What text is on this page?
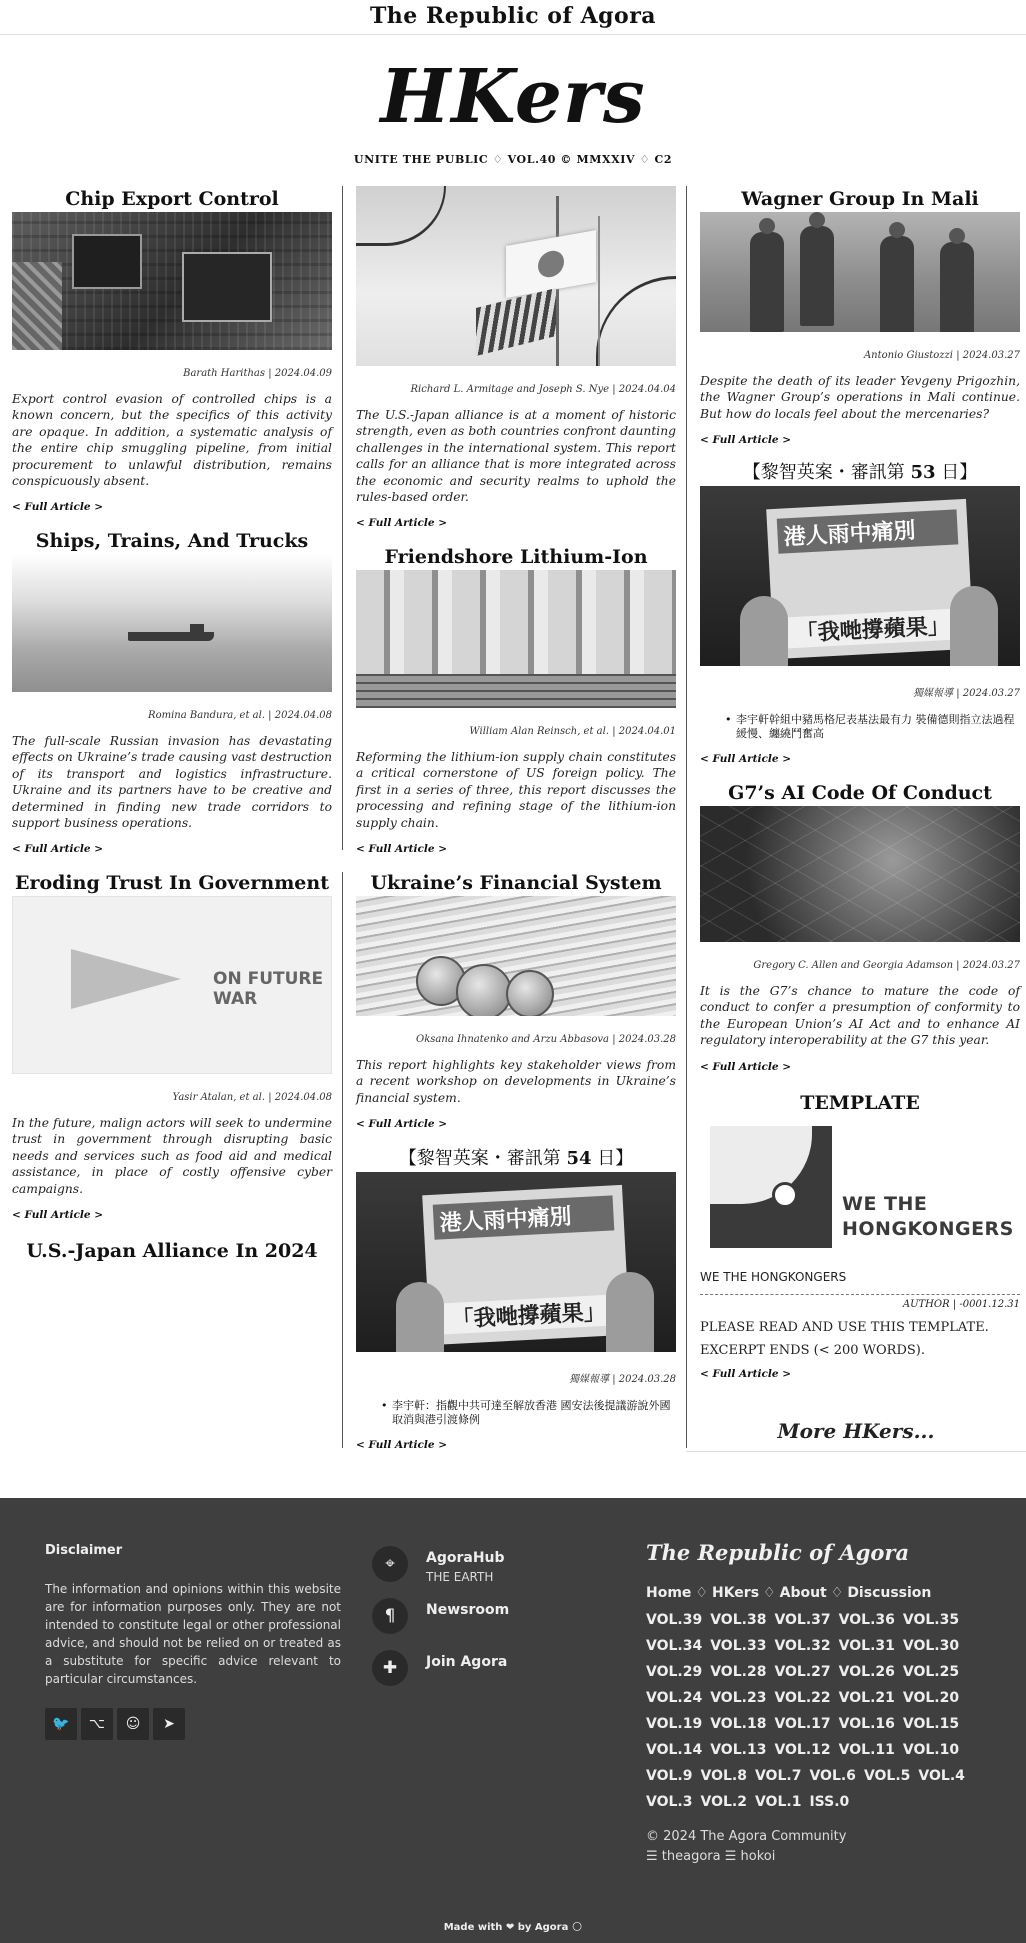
The Republic of Agora
HKers
UNITE THE PUBLIC ♢ VOL.40 © MMXXIV ♢ C2
Chip Export Control
Barath Harithas | 2024.04.09

Export control evasion of controlled chips is a known concern, but the specifics of this activity are opaque. In addition, a systematic analysis of the entire chip smuggling pipeline, from initial procurement to unlawful distribution, remains conspicuously absent.

< Full Article >
Ships, Trains, And Trucks
Romina Bandura, et al. | 2024.04.08

The full-scale Russian invasion has devastating effects on Ukraine’s trade causing vast destruction of its transport and logistics infrastructure. Ukraine and its partners have to be creative and determined in finding new trade corridors to support business operations.

< Full Article >
Eroding Trust In Government
ON FUTURE
WAR
Yasir Atalan, et al. | 2024.04.08

In the future, malign actors will seek to undermine trust in government through disrupting basic needs and services such as food aid and medical assistance, in place of costly offensive cyber campaigns.

< Full Article >
U.S.-Japan Alliance In 2024
Richard L. Armitage and Joseph S. Nye | 2024.04.04

The U.S.-Japan alliance is at a moment of historic strength, even as both countries confront daunting challenges in the international system. This report calls for an alliance that is more integrated across the economic and security realms to uphold the rules-based order.

< Full Article >
Friendshore Lithium-Ion
William Alan Reinsch, et al. | 2024.04.01

Reforming the lithium-ion supply chain constitutes a critical cornerstone of US foreign policy. The first in a series of three, this report discusses the processing and refining stage of the lithium-ion supply chain.

< Full Article >
Ukraine’s Financial System
Oksana Ihnatenko and Arzu Abbasova | 2024.03.28

This report highlights key stakeholder views from a recent workshop on developments in Ukraine’s financial system.

< Full Article >
【黎智英案・審訊第 54 日】
港人雨中痛別
「我哋撐蘋果」
獨媒報導 | 2024.03.28
• 李宇軒：指觀中共可達至解放香港 國安法後提議游說外國取消與港引渡條例
< Full Article >
Wagner Group In Mali
Antonio Giustozzi | 2024.03.27

Despite the death of its leader Yevgeny Prigozhin, the Wagner Group’s operations in Mali continue. But how do locals feel about the mercenaries?

< Full Article >
【黎智英案・審訊第 53 日】
港人雨中痛別
「我哋撐蘋果」
獨媒報導 | 2024.03.27
• 李宇軒幹組中豬馬格尼表基法最有力 裝備德則指立法過程緩慢、纏繞鬥奮高
< Full Article >
G7’s AI Code Of Conduct
Gregory C. Allen and Georgia Adamson | 2024.03.27

It is the G7’s chance to mature the code of conduct to confer a presumption of conformity to the European Union’s AI Act and to enhance AI regulatory interoperability at the G7 this year.

< Full Article >
TEMPLATE
WE THE
HONGKONGERS
WE THE HONGKONGERS
AUTHOR | -0001.12.31
PLEASE READ AND USE THIS TEMPLATE.
EXCERPT ENDS (< 200 WORDS).
< Full Article >
More HKers...
Disclaimer

The information and opinions within this website are for information purposes only. They are not intended to constitute legal or other professional advice, and should not be relied on or treated as a substitute for specific advice relevant to particular circumstances.

🐦 ⌥ ☺ ➤
⌖	AgoraHub
THE EARTH
¶	Newsroom
✚	Join Agora
The Republic of Agora
Home ♢ HKers ♢ About ♢ Discussion
VOL.39 VOL.38 VOL.37 VOL.36 VOL.35VOL.34 VOL.33 VOL.32 VOL.31 VOL.30VOL.29 VOL.28 VOL.27 VOL.26 VOL.25VOL.24 VOL.23 VOL.22 VOL.21 VOL.20VOL.19 VOL.18 VOL.17 VOL.16 VOL.15VOL.14 VOL.13 VOL.12 VOL.11 VOL.10VOL.9 VOL.8 VOL.7 VOL.6 VOL.5 VOL.4VOL.3 VOL.2 VOL.1 ISS.0
© 2024 The Agora Community
☰ theagora ☰ hokoi
Made with ❤ by Agora 🌕
